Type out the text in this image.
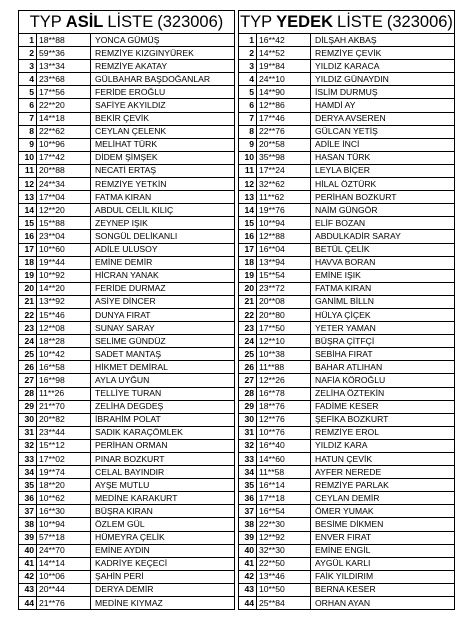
TYP ASİL LİSTE (323006)
1	18**88	YONCA GÜMÜŞ
2	59**36	REMZİYE KIZGINYÜREK
3	13**34	REMZİYE AKATAY
4	23**68	GÜLBAHAR BAŞDOĞANLAR
5	17**56	FERİDE EROĞLU
6	22**20	SAFİYE AKYILDIZ
7	14**18	BEKİR ÇEVİK
8	22**62	CEYLAN ÇELENK
9	10**96	MELİHAT TÜRK
10	17**42	DİDEM ŞİMŞEK
11	20**88	NECATİ ERTAŞ
12	24**34	REMZİYE YETKİN
13	17**04	FATMA KIRAN
14	12**20	ABDUL CELİL KILIÇ
15	15**88	ZEYNEP IŞIK
16	23**04	SONGÜL DELİKANLI
17	10**60	ADİLE ULUSOY
18	19**44	EMİNE DEMİR
19	10**92	HİCRAN YANAK
20	14**20	FERİDE DURMAZ
21	13**92	ASİYE DİNCER
22	15**46	DUNYA FIRAT
23	12**08	SUNAY SARAY
24	18**28	SELİME GÜNDÜZ
25	10**42	SADET MANTAŞ
26	16**58	HİKMET DEMİRAL
27	16**98	AYLA UYĞUN
28	11**26	TELLİYE TURAN
29	21**70	ZELİHA DEGDEŞ
30	20**82	İBRAHİM POLAT
31	23**44	SADIK KARAÇÖMLEK
32	15**12	PERİHAN ORMAN
33	17**02	PINAR BOZKURT
34	19**74	CELAL BAYINDIR
35	18**20	AYŞE MUTLU
36	10**62	MEDİNE KARAKURT
37	16**30	BÜŞRA KIRAN
38	10**94	ÖZLEM GÜL
39	57**18	HÜMEYRA ÇELİK
40	24**70	EMİNE AYDIN
41	14**14	KADRİYE KEÇECİ
42	10**06	ŞAHİN PERİ
43	20**44	DERYA DEMİR
44	21**76	MEDİNE KIYMAZ
TYP YEDEK LİSTE (323006)
1	16**42	DİLŞAH AKBAŞ
2	14**52	REMZİYE ÇEVİK
3	19**84	YILDIZ KARACA
4	24**10	YILDIZ GÜNAYDIN
5	14**90	İSLİM DURMUŞ
6	12**86	HAMDİ AY
7	17**46	DERYA AVSEREN
8	22**76	GÜLCAN YETİŞ
9	20**58	ADİLE İNCİ
10	35**98	HASAN TÜRK
11	17**24	LEYLA BİÇER
12	32**62	HİLAL ÖZTÜRK
13	11**62	PERİHAN BOZKURT
14	19**76	NAİM GÜNGÖR
15	10**94	ELİF BOZAN
16	12**88	ABDULKADİR SARAY
17	16**04	BETÜL ÇELİK
18	13**94	HAVVA BORAN
19	15**54	EMİNE IŞIK
20	23**72	FATMA KIRAN
21	20**08	GANİML BİLLN
22	20**80	HÜLYA ÇİÇEK
23	17**50	YETER YAMAN
24	12**10	BÜŞRA ÇİTFÇİ
25	10**38	SEBİHA FIRAT
26	11**88	BAHAR ATLIHAN
27	12**26	NAFİA KÖROĞLU
28	16**78	ZELİHA ÖZTEKİN
29	18**76	FADİME KESER
30	12**76	ŞEFİKA BOZKURT
31	10**76	REMZİYE EROL
32	16**40	YILDIZ KARA
33	14**60	HATUN ÇEVİK
34	11**58	AYFER NEREDE
35	16**14	REMZİYE PARLAK
36	17**18	CEYLAN DEMİR
37	16**54	ÖMER YUMAK
38	22**30	BESİME DİKMEN
39	12**92	ENVER FIRAT
40	32**30	EMİNE ENGİL
41	22**50	AYGÜL KARLI
42	13**46	FAİK YILDIRIM
43	10**50	BERNA KESER
44	25**84	ORHAN AYAN
